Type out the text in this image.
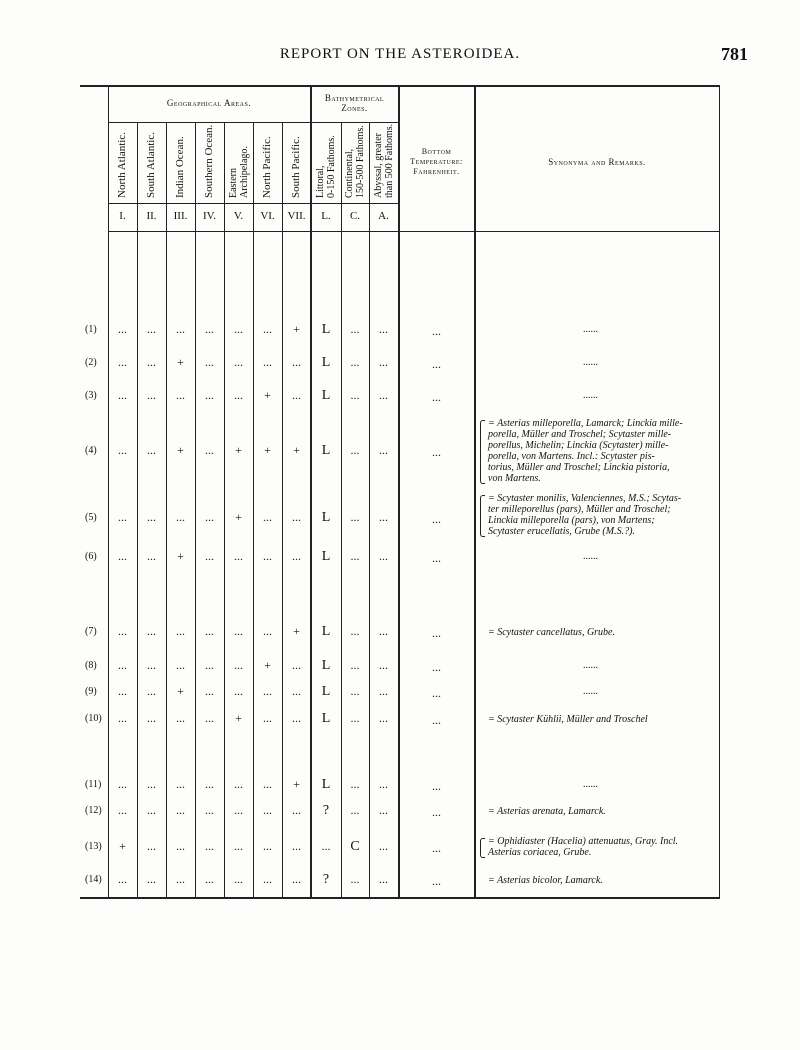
REPORT ON THE ASTEROIDEA.	781
Geographical Areas.	Bathymetrical
Zones.
Bottom
Temperature:
Fahrenheit.
Synonyma and Remarks.
North Atlantic.
I.
South Atlantic.
II.
Indian Ocean.
III.
Southern Ocean.
IV.
Eastern Archipelago.
V.
North Pacific.
VI.
South Pacific.
VII.
Littoral, 0-150 Fathoms.
L.
Continental, 150-500 Fathoms.
C.
Abyssal, greater than 500 Fathoms.
A.
(1)	...	...	...	...	...	...	+	L	...	...	...	......
(2)	...	...	+	...	...	...	...	L	...	...	...	......
(3)	...	...	...	...	...	+	...	L	...	...	...	......
(4)	...	...	+	...	+	+	+	L	...	...	...
= Asterias milleporella, Lamarck; Linckia mille-
porella, Müller and Troschel; Scytaster mille-
porellus, Michelin; Linckia (Scytaster) mille-
porella, von Martens. Incl.: Scytaster pis-
torius, Müller and Troschel; Linckia pistoria,
von Martens.
(5)	...	...	...	...	+	...	...	L	...	...	...
= Scytaster monilis, Valenciennes, M.S.; Scytas-
ter milleporellus (pars), Müller and Troschel;
Linckia milleporella (pars), von Martens;
Scytaster erucellatis, Grube (M.S.?).
(6)	...	...	+	...	...	...	...	L	...	...	...	......
(7)	...	...	...	...	...	...	+	L	...	...	...	= Scytaster cancellatus, Grube.
(8)	...	...	...	...	...	+	...	L	...	...	...	......
(9)	...	...	+	...	...	...	...	L	...	...	...	......
(10)	...	...	...	...	+	...	...	L	...	...	...	= Scytaster Kühlii, Müller and Troschel
(11)	...	...	...	...	...	...	+	L	...	...	...	......
(12)	...	...	...	...	...	...	...	?	...	...	...	= Asterias arenata, Lamarck.
(13)	+	...	...	...	...	...	...	...	C	...	...	= Ophidiaster (Hacelia) attenuatus, Gray. Incl.
Asterias coriacea, Grube.
(14)	...	...	...	...	...	...	...	?	...	...	...	= Asterias bicolor, Lamarck.
